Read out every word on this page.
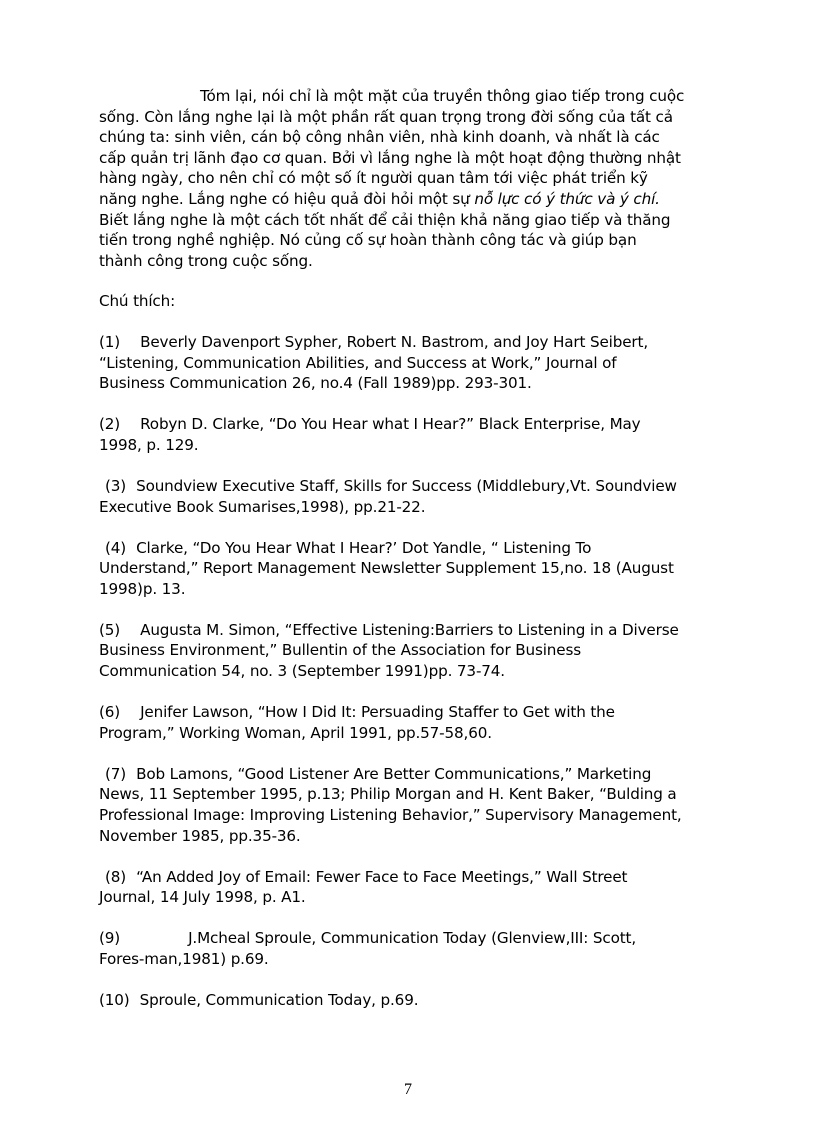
Tóm lại, nói chỉ là một mặt của truyền thông giao tiếp trong cuộc
sống. Còn lắng nghe lại là một phần rất quan trọng trong đời sống của tất cả
chúng ta: sinh viên, cán bộ công nhân viên, nhà kinh doanh, và nhất là các
cấp quản trị lãnh đạo cơ quan. Bởi vì lắng nghe là một hoạt động thường nhật
hàng ngày, cho nên chỉ có một số ít người quan tâm tới việc phát triển kỹ
năng nghe. Lắng nghe có hiệu quả đòi hỏi một sự nỗ lực có ý thức và ý chí.
Biết lắng nghe là một cách tốt nhất để cải thiện khả năng giao tiếp và thăng
tiến trong nghề nghiệp. Nó củng cố sự hoàn thành công tác và giúp bạn
thành công trong cuộc sống.

Chú thích:

(1) Beverly Davenport Sypher, Robert N. Bastrom, and Joy Hart Seibert,
“Listening, Communication Abilities, and Success at Work,” Journal of
Business Communication 26, no.4 (Fall 1989)pp. 293-301.
(2) Robyn D. Clarke, “Do You Hear what I Hear?” Black Enterprise, May
1998, p. 129.
(3) Soundview Executive Staff, Skills for Success (Middlebury,Vt. Soundview
Executive Book Sumarises,1998), pp.21-22.
(4) Clarke, “Do You Hear What I Hear?’ Dot Yandle, “ Listening To
Understand,” Report Management Newsletter Supplement 15,no. 18 (August
1998)p. 13.
(5) Augusta M. Simon, “Effective Listening:Barriers to Listening in a Diverse
Business Environment,” Bullentin of the Association for Business
Communication 54, no. 3 (September 1991)pp. 73-74.
(6) Jenifer Lawson, “How I Did It: Persuading Staffer to Get with the
Program,” Working Woman, April 1991, pp.57-58,60.
(7) Bob Lamons, “Good Listener Are Better Communications,” Marketing
News, 11 September 1995, p.13; Philip Morgan and H. Kent Baker, “Bulding a
Professional Image: Improving Listening Behavior,” Supervisory Management,
November 1985, pp.35-36.
(8) “An Added Joy of Email: Fewer Face to Face Meetings,” Wall Street
Journal, 14 July 1998, p. A1.
(9)	J.Mcheal Sproule, Communication Today (Glenview,III: Scott,
Fores-man,1981) p.69.
(10) Sproule, Communication Today, p.69.
7
